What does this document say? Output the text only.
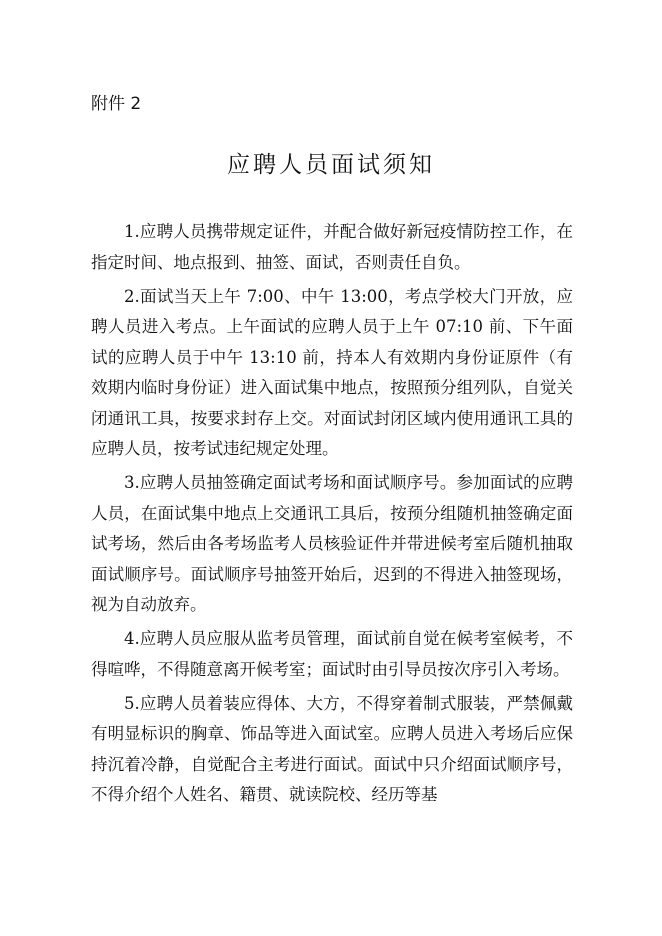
附件 2

应聘人员面试须知

1.应聘人员携带规定证件，并配合做好新冠疫情防控工作，在指定时间、地点报到、抽签、面试，否则责任自负。

2.面试当天上午 7:00、中午 13:00，考点学校大门开放，应聘人员进入考点。上午面试的应聘人员于上午 07:10 前、下午面试的应聘人员于中午 13:10 前，持本人有效期内身份证原件（有效期内临时身份证）进入面试集中地点，按照预分组列队，自觉关闭通讯工具，按要求封存上交。对面试封闭区域内使用通讯工具的应聘人员，按考试违纪规定处理。

3.应聘人员抽签确定面试考场和面试顺序号。参加面试的应聘人员，在面试集中地点上交通讯工具后，按预分组随机抽签确定面试考场，然后由各考场监考人员核验证件并带进候考室后随机抽取面试顺序号。面试顺序号抽签开始后，迟到的不得进入抽签现场，视为自动放弃。

4.应聘人员应服从监考员管理，面试前自觉在候考室候考，不得喧哗，不得随意离开候考室；面试时由引导员按次序引入考场。

5.应聘人员着装应得体、大方，不得穿着制式服装，严禁佩戴有明显标识的胸章、饰品等进入面试室。应聘人员进入考场后应保持沉着冷静，自觉配合主考进行面试。面试中只介绍面试顺序号，不得介绍个人姓名、籍贯、就读院校、经历等基
